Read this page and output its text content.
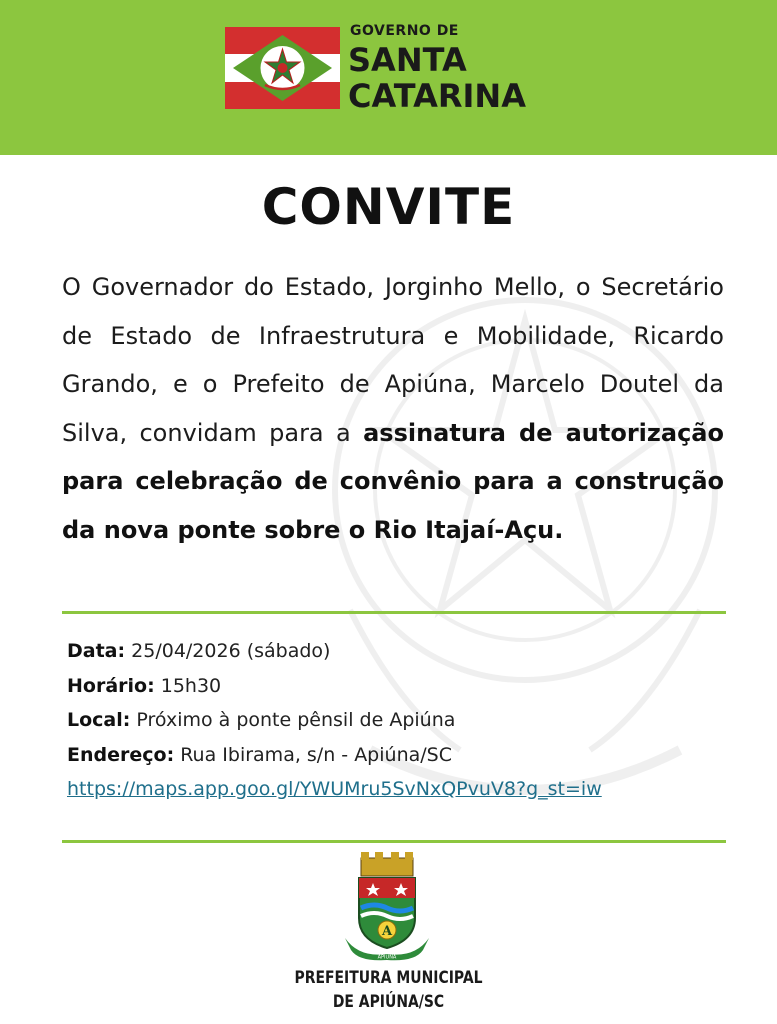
GOVERNO DE
SANTA
CATARINA
CONVITE
O Governador do Estado, Jorginho Mello, o Secretário de Estado de Infraestrutura e Mobilidade, Ricardo Grando, e o Prefeito de Apiúna, Marcelo Doutel da Silva, convidam para a assinatura de autorização para celebração de convênio para a construção da nova ponte sobre o Rio Itajaí-Açu.
Data: 25/04/2026 (sábado)
Horário: 15h30
Local: Próximo à ponte pênsil de Apiúna
Endereço: Rua Ibirama, s/n - Apiúna/SC
https://maps.app.goo.gl/YWUMru5SvNxQPvuV8?g_st=iw
A
APIÚNA
PREFEITURA MUNICIPAL
DE APIÚNA/SC
